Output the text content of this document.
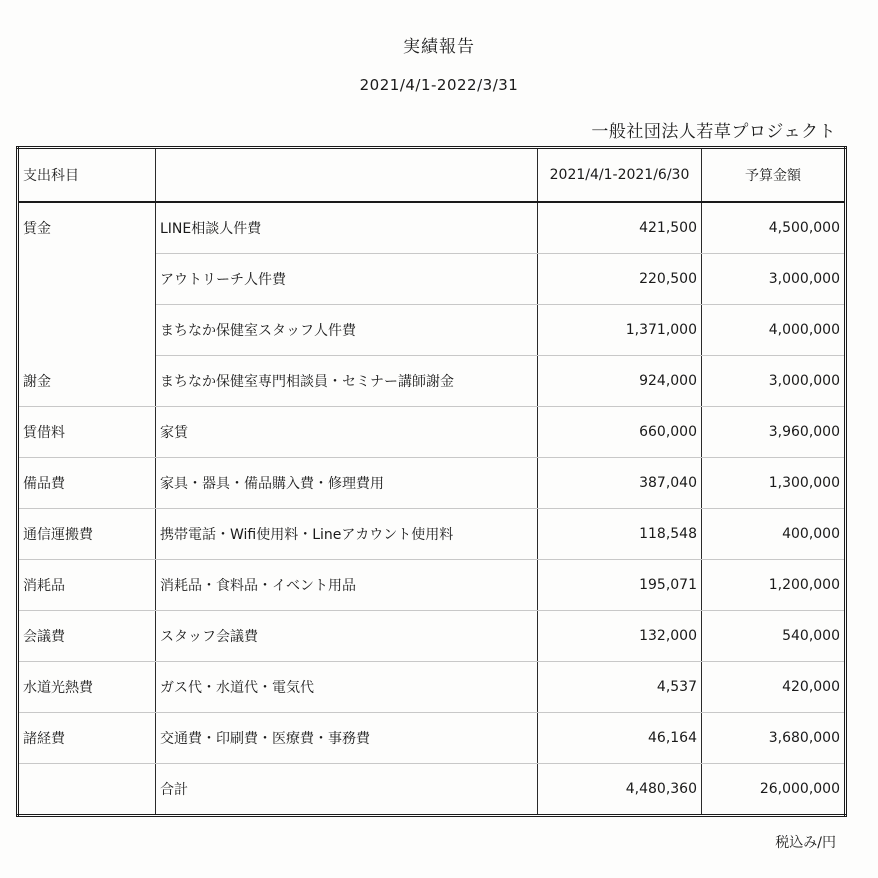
実績報告
2021/4/1-2022/3/31
一般社団法人若草プロジェクト
支出科目		2021/4/1-2021/6/30	予算金額
賃金	LINE相談人件費	421,500	4,500,000
	アウトリーチ人件費	220,500	3,000,000
	まちなか保健室スタッフ人件費	1,371,000	4,000,000
謝金	まちなか保健室専門相談員・セミナー講師謝金	924,000	3,000,000
賃借料	家賃	660,000	3,960,000
備品費	家具・器具・備品購入費・修理費用	387,040	1,300,000
通信運搬費	携帯電話・Wifi使用料・Lineアカウント使用料	118,548	400,000
消耗品	消耗品・食料品・イベント用品	195,071	1,200,000
会議費	スタッフ会議費	132,000	540,000
水道光熱費	ガス代・水道代・電気代	4,537	420,000
諸経費	交通費・印刷費・医療費・事務費	46,164	3,680,000
	合計	4,480,360	26,000,000
税込み/円
